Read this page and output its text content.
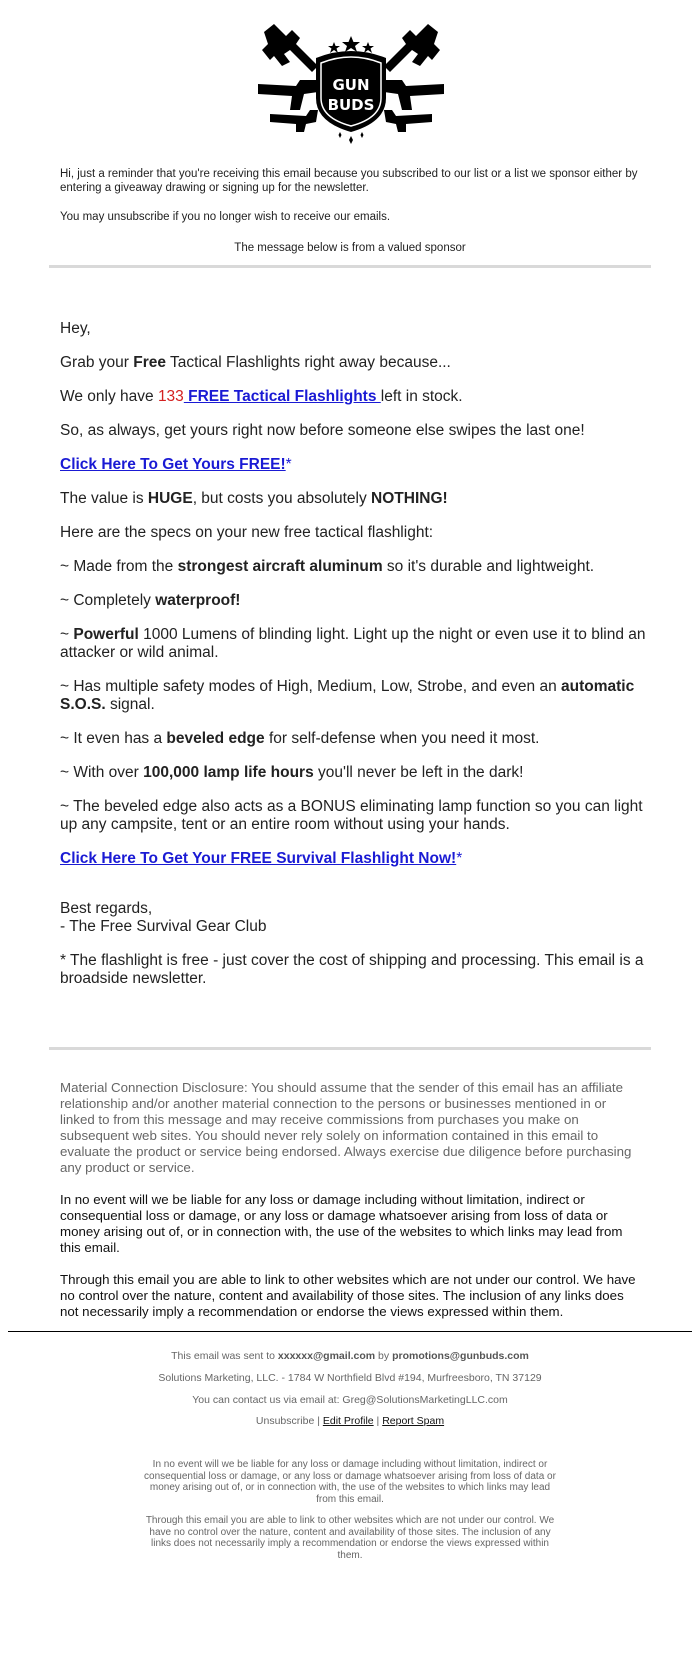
GUN
BUDS
Hi, just a reminder that you're receiving this email because you subscribed to our list or a list we sponsor either by entering a giveaway drawing or signing up for the newsletter.
You may unsubscribe if you no longer wish to receive our emails.
The message below is from a valued sponsor

Hey,

Grab your Free Tactical Flashlights right away because...

We only have 133 FREE Tactical Flashlights left in stock.

So, as always, get yours right now before someone else swipes the last one!

Click Here To Get Yours FREE!*

The value is HUGE, but costs you absolutely NOTHING!

Here are the specs on your new free tactical flashlight:

~ Made from the strongest aircraft aluminum so it's durable and lightweight.

~ Completely waterproof!

~ Powerful 1000 Lumens of blinding light. Light up the night or even use it to blind an attacker or wild animal.

~ Has multiple safety modes of High, Medium, Low, Strobe, and even an automatic S.O.S. signal.

~ It even has a beveled edge for self-defense when you need it most.

~ With over 100,000 lamp life hours you'll never be left in the dark!

~ The beveled edge also acts as a BONUS eliminating lamp function so you can light up any campsite, tent or an entire room without using your hands.

Click Here To Get Your FREE Survival Flashlight Now!*

Best regards,

- The Free Survival Gear Club

* The flashlight is free - just cover the cost of shipping and processing. This email is a broadside newsletter.

Material Connection Disclosure: You should assume that the sender of this email has an affiliate relationship and/or another material connection to the persons or businesses mentioned in or linked to from this message and may receive commissions from purchases you make on subsequent web sites. You should never rely solely on information contained in this email to evaluate the product or service being endorsed. Always exercise due diligence before purchasing any product or service.

In no event will we be liable for any loss or damage including without limitation, indirect or consequential loss or damage, or any loss or damage whatsoever arising from loss of data or money arising out of, or in connection with, the use of the websites to which links may lead from this email.

Through this email you are able to link to other websites which are not under our control. We have no control over the nature, content and availability of those sites. The inclusion of any links does not necessarily imply a recommendation or endorse the views expressed within them.

This email was sent to xxxxxx@gmail.com by promotions@gunbuds.com
Solutions Marketing, LLC. - 1784 W Northfield Blvd #194, Murfreesboro, TN 37129
You can contact us via email at: Greg@SolutionsMarketingLLC.com
Unsubscribe | Edit Profile | Report Spam

In no event will we be liable for any loss or damage including without limitation, indirect or consequential loss or damage, or any loss or damage whatsoever arising from loss of data or money arising out of, or in connection with, the use of the websites to which links may lead from this email.

Through this email you are able to link to other websites which are not under our control. We have no control over the nature, content and availability of those sites. The inclusion of any links does not necessarily imply a recommendation or endorse the views expressed within them.
